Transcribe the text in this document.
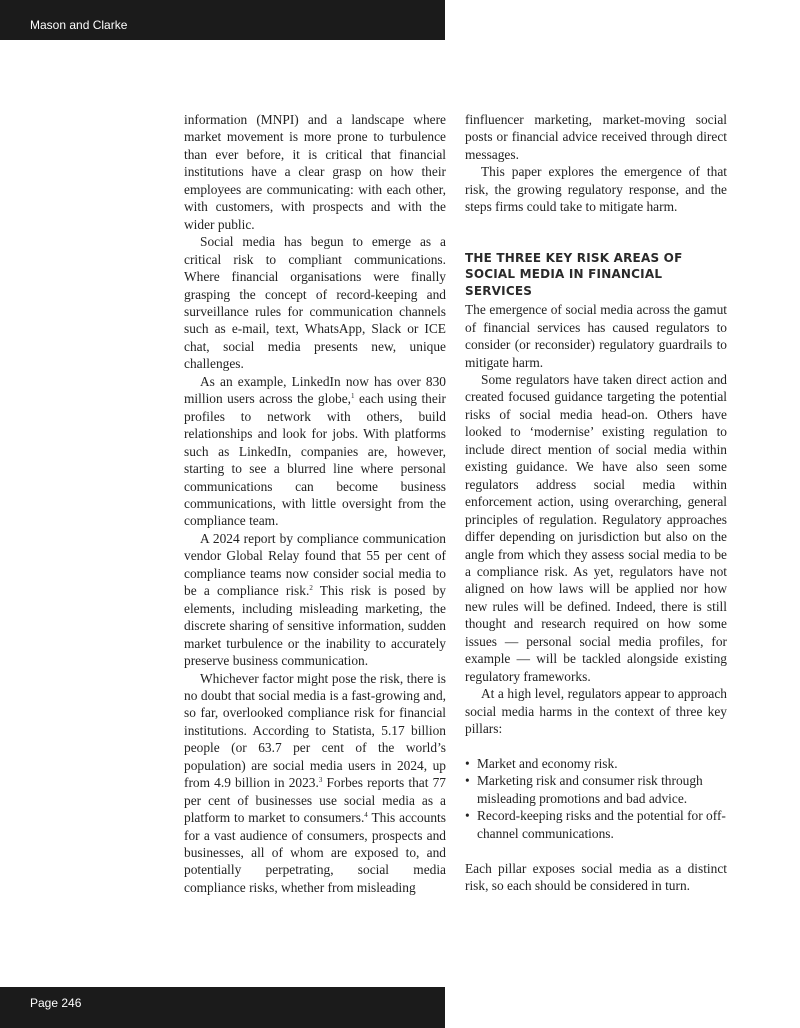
Mason and Clarke

information (MNPI) and a landscape where market movement is more prone to turbulence than ever before, it is critical that financial institutions have a clear grasp on how their employees are communicating: with each other, with customers, with prospects and with the wider public.

Social media has begun to emerge as a critical risk to compliant communications. Where financial organisations were finally grasping the concept of record-keeping and surveillance rules for communication channels such as e-mail, text, WhatsApp, Slack or ICE chat, social media presents new, unique challenges.

As an example, LinkedIn now has over 830 million users across the globe,$^1$ each using their profiles to network with others, build relationships and look for jobs. With platforms such as LinkedIn, companies are, however, starting to see a blurred line where personal communications can become business communications, with little oversight from the compliance team.

A 2024 report by compliance communication vendor Global Relay found that 55 per cent of compliance teams now consider social media to be a compliance risk.$^2$ This risk is posed by elements, including misleading marketing, the discrete sharing of sensitive information, sudden market turbulence or the inability to accurately preserve business communication.

Whichever factor might pose the risk, there is no doubt that social media is a fast-growing and, so far, overlooked compliance risk for financial institutions. According to Statista, 5.17 billion people (or 63.7 per cent of the world’s population) are social media users in 2024, up from 4.9 billion in 2023.$^3$ Forbes reports that 77 per cent of businesses use social media as a platform to market to consumers.$^4$ This accounts for a vast audience of consumers, prospects and businesses, all of whom are exposed to, and potentially perpetrating, social media compliance risks, whether from misleading

finfluencer marketing, market-moving social posts or financial advice received through direct messages.

This paper explores the emergence of that risk, the growing regulatory response, and the steps firms could take to mitigate harm.

THE THREE KEY RISK AREAS OF SOCIAL MEDIA IN FINANCIAL SERVICES

The emergence of social media across the gamut of financial services has caused regulators to consider (or reconsider) regulatory guardrails to mitigate harm.

Some regulators have taken direct action and created focused guidance targeting the potential risks of social media head-on. Others have looked to ‘modernise’ existing regulation to include direct mention of social media within existing guidance. We have also seen some regulators address social media within enforcement action, using overarching, general principles of regulation. Regulatory approaches differ depending on jurisdiction but also on the angle from which they assess social media to be a compliance risk. As yet, regulators have not aligned on how laws will be applied nor how new rules will be defined. Indeed, there is still thought and research required on how some issues — personal social media profiles, for example — will be tackled alongside existing regulatory frameworks.

At a high level, regulators appear to approach social media harms in the context of three key pillars:

• Market and economy risk.
• Marketing risk and consumer risk through misleading promotions and bad advice.
• Record-keeping risks and the potential for off-channel communications.

Each pillar exposes social media as a distinct risk, so each should be considered in turn.

Page 246
